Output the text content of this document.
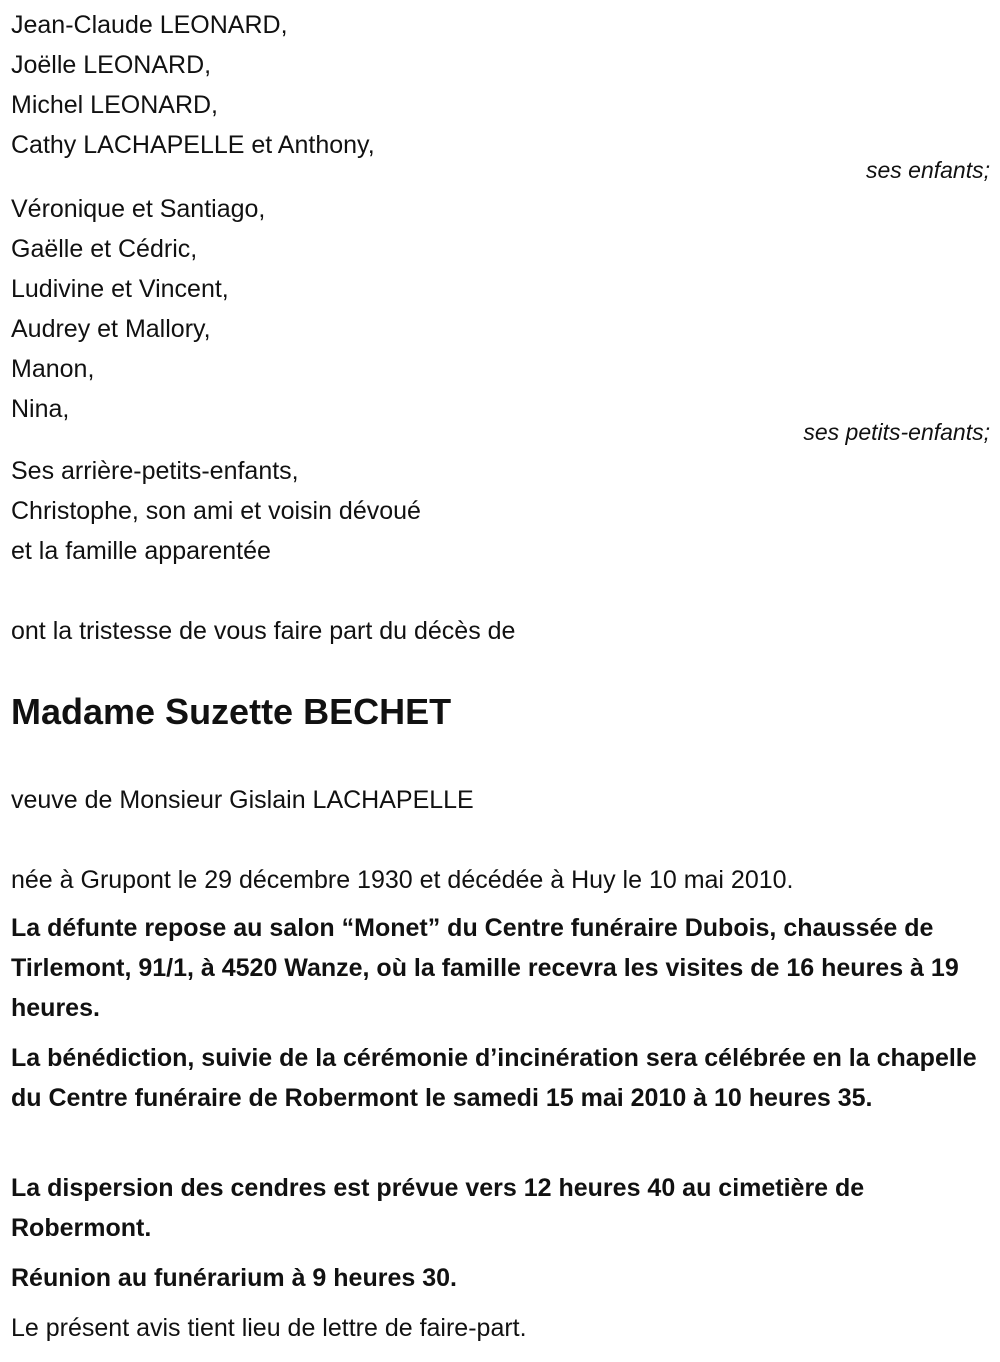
Jean-Claude LEONARD,
Joëlle LEONARD,
Michel LEONARD,
Cathy LACHAPELLE et Anthony,
ses enfants;
Véronique et Santiago,
Gaëlle et Cédric,
Ludivine et Vincent,
Audrey et Mallory,
Manon,
Nina,
ses petits-enfants;
Ses arrière-petits-enfants,
Christophe, son ami et voisin dévoué
et la famille apparentée
ont la tristesse de vous faire part du décès de
Madame Suzette BECHET
veuve de Monsieur Gislain LACHAPELLE
née à Grupont le 29 décembre 1930 et décédée à Huy le 10 mai 2010.
La défunte repose au salon “Monet” du Centre funéraire Dubois, chaussée de Tirlemont, 91/1, à 4520 Wanze, où la famille recevra les visites de 16 heures à 19 heures.
La bénédiction, suivie de la cérémonie d’incinération sera célébrée en la chapelle du Centre funéraire de Robermont le samedi 15 mai 2010 à 10 heures 35.
La dispersion des cendres est prévue vers 12 heures 40 au cimetière de Robermont.
Réunion au funérarium à 9 heures 30.
Le présent avis tient lieu de lettre de faire-part.
